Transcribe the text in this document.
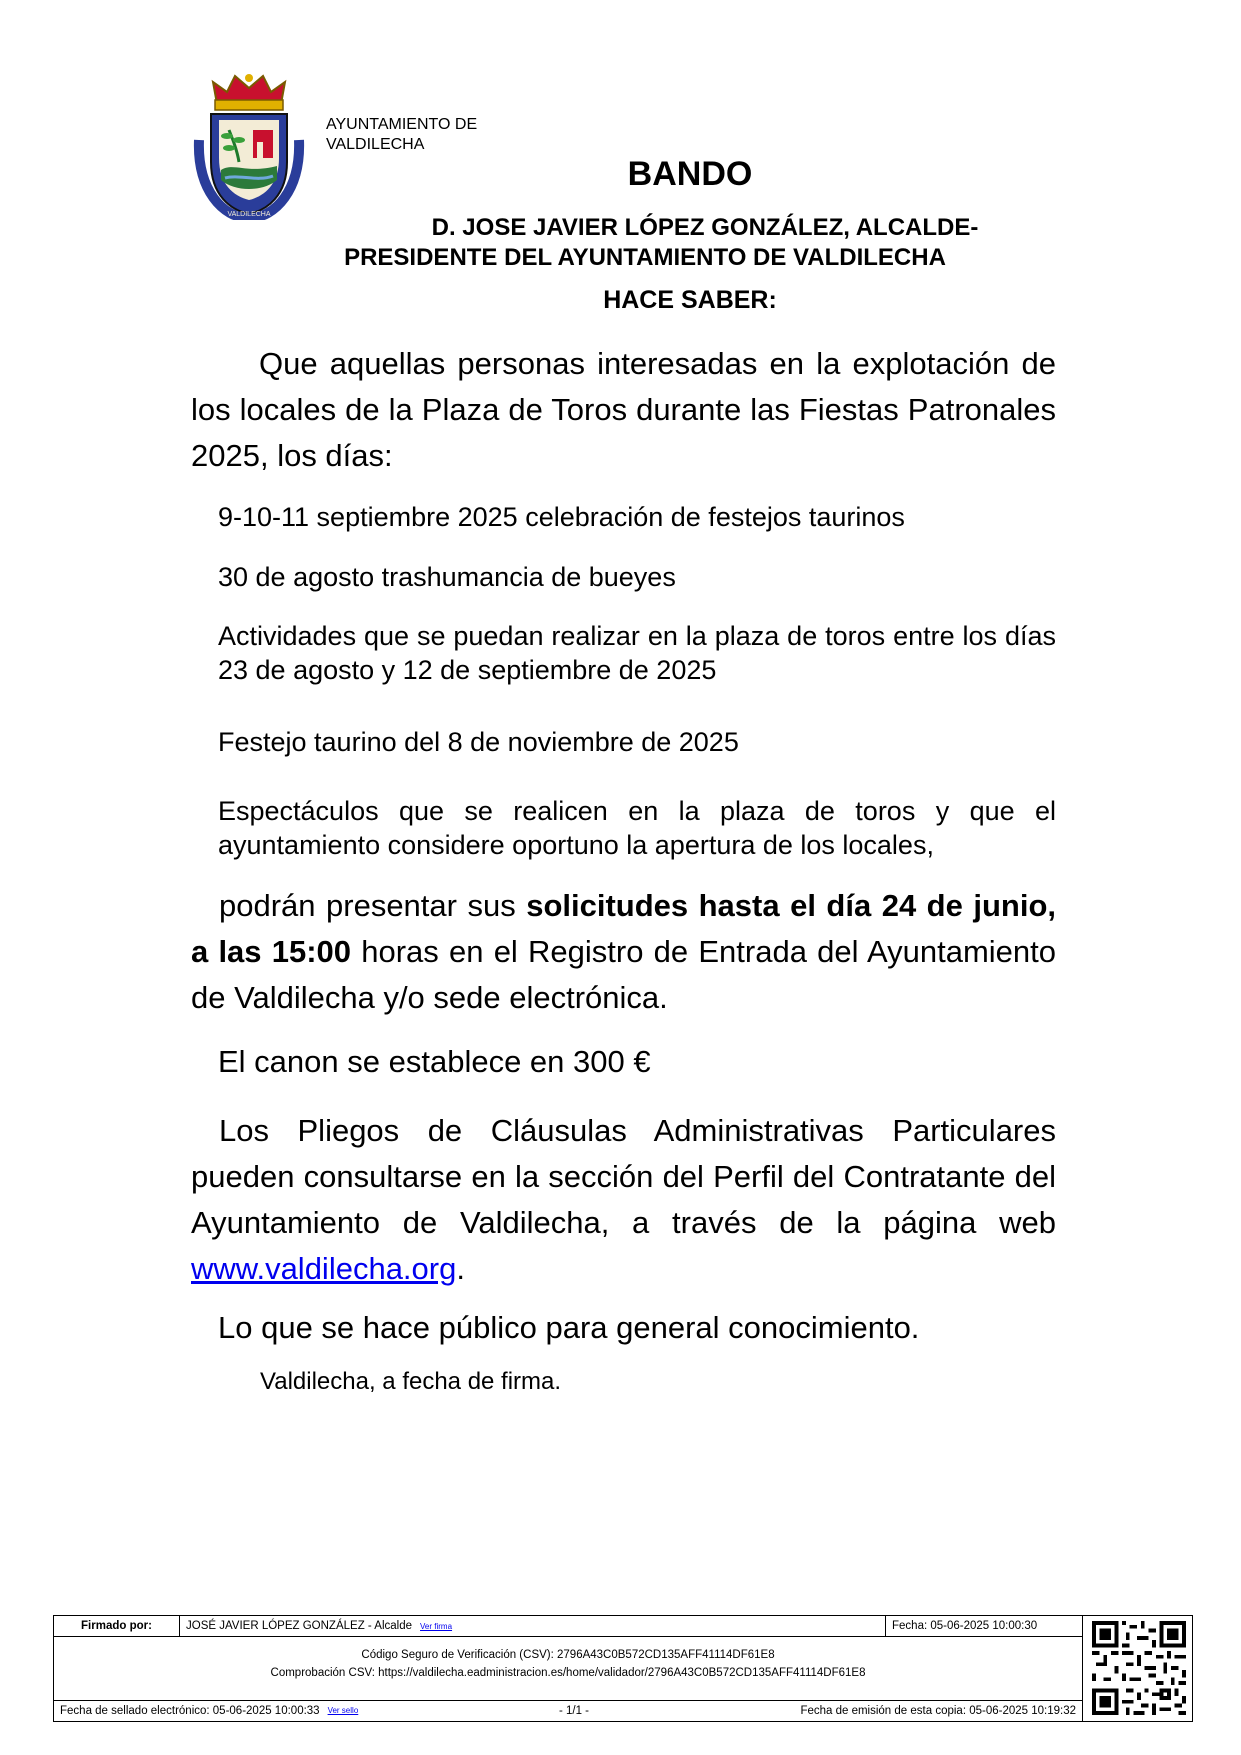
VALDILECHA
AYUNTAMIENTO DE
VALDILECHA
BANDO
D. JOSE JAVIER LÓPEZ GONZÁLEZ, ALCALDE-
PRESIDENTE DEL AYUNTAMIENTO DE VALDILECHA
HACE SABER:
Que aquellas personas interesadas en la explotación de los locales de la Plaza de Toros durante las Fiestas Patronales 2025, los días:
9-10-11 septiembre 2025 celebración de festejos taurinos
30 de agosto trashumancia de bueyes
Actividades que se puedan realizar en la plaza de toros entre los días 23 de agosto y 12 de septiembre de 2025
Festejo taurino del 8 de noviembre de 2025
Espectáculos que se realicen en la plaza de toros y que el ayuntamiento considere oportuno la apertura de los locales,
podrán presentar sus solicitudes hasta el día 24 de junio, a las 15:00 horas en el Registro de Entrada del Ayuntamiento de Valdilecha y/o sede electrónica.
El canon se establece en 300 €
Los Pliegos de Cláusulas Administrativas Particulares pueden consultarse en la sección del Perfil del Contratante del Ayuntamiento de Valdilecha, a través de la página web www.valdilecha.org.
Lo que se hace público para general conocimiento.
Valdilecha, a fecha de firma.
Firmado por:	JOSÉ JAVIER LÓPEZ GONZÁLEZ - Alcalde Ver firma	Fecha: 05-06-2025 10:00:30
Código Seguro de Verificación (CSV): 2796A43C0B572CD135AFF41114DF61E8
Comprobación CSV: https://valdilecha.eadministracion.es/home/validador/2796A43C0B572CD135AFF41114DF61E8
Fecha de sellado electrónico: 05-06-2025 10:00:33 Ver sello	- 1/1 -	Fecha de emisión de esta copia: 05-06-2025 10:19:32
